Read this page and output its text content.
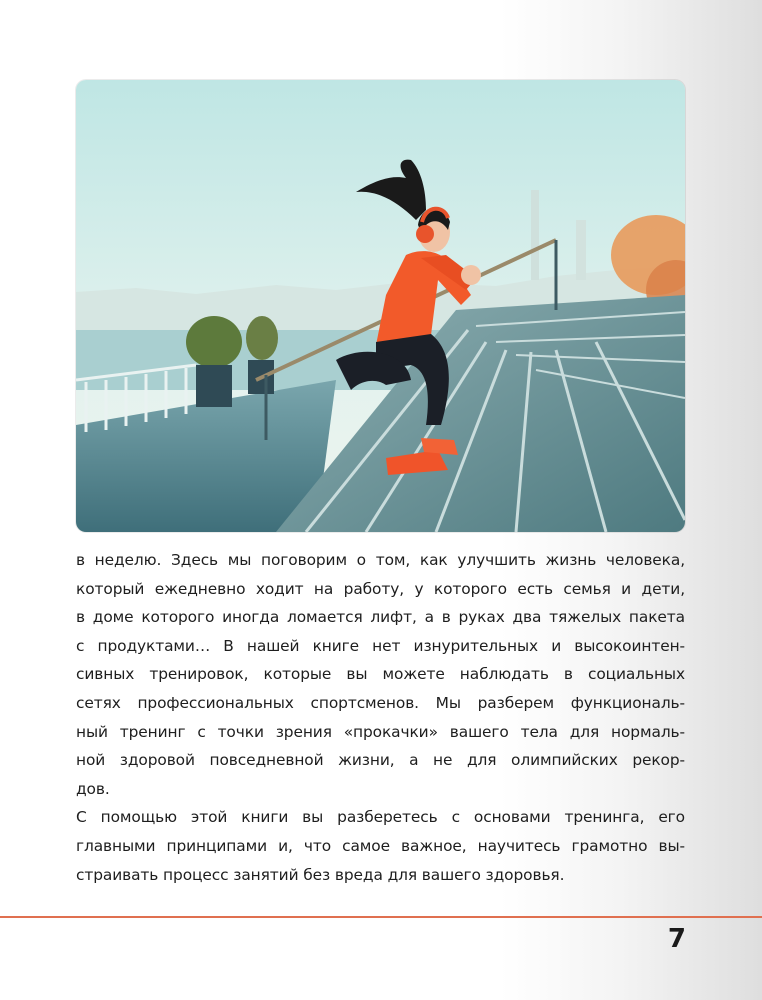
в неделю. Здесь мы поговорим о том, как улучшить жизнь человека,
который ежедневно ходит на работу, у которого есть семья и дети,
в доме которого иногда ломается лифт, а в руках два тяжелых пакета
с продуктами… В нашей книге нет изнурительных и высокоинтен-
сивных тренировок, которые вы можете наблюдать в социальных
сетях профессиональных спортсменов. Мы разберем функциональ-
ный тренинг с точки зрения «прокачки» вашего тела для нормаль-
ной здоровой повседневной жизни, а не для олимпийских рекор-
дов.

С помощью этой книги вы разберетесь с основами тренинга, его
главными принципами и, что самое важное, научитесь грамотно вы-
страивать процесс занятий без вреда для вашего здоровья.

7
